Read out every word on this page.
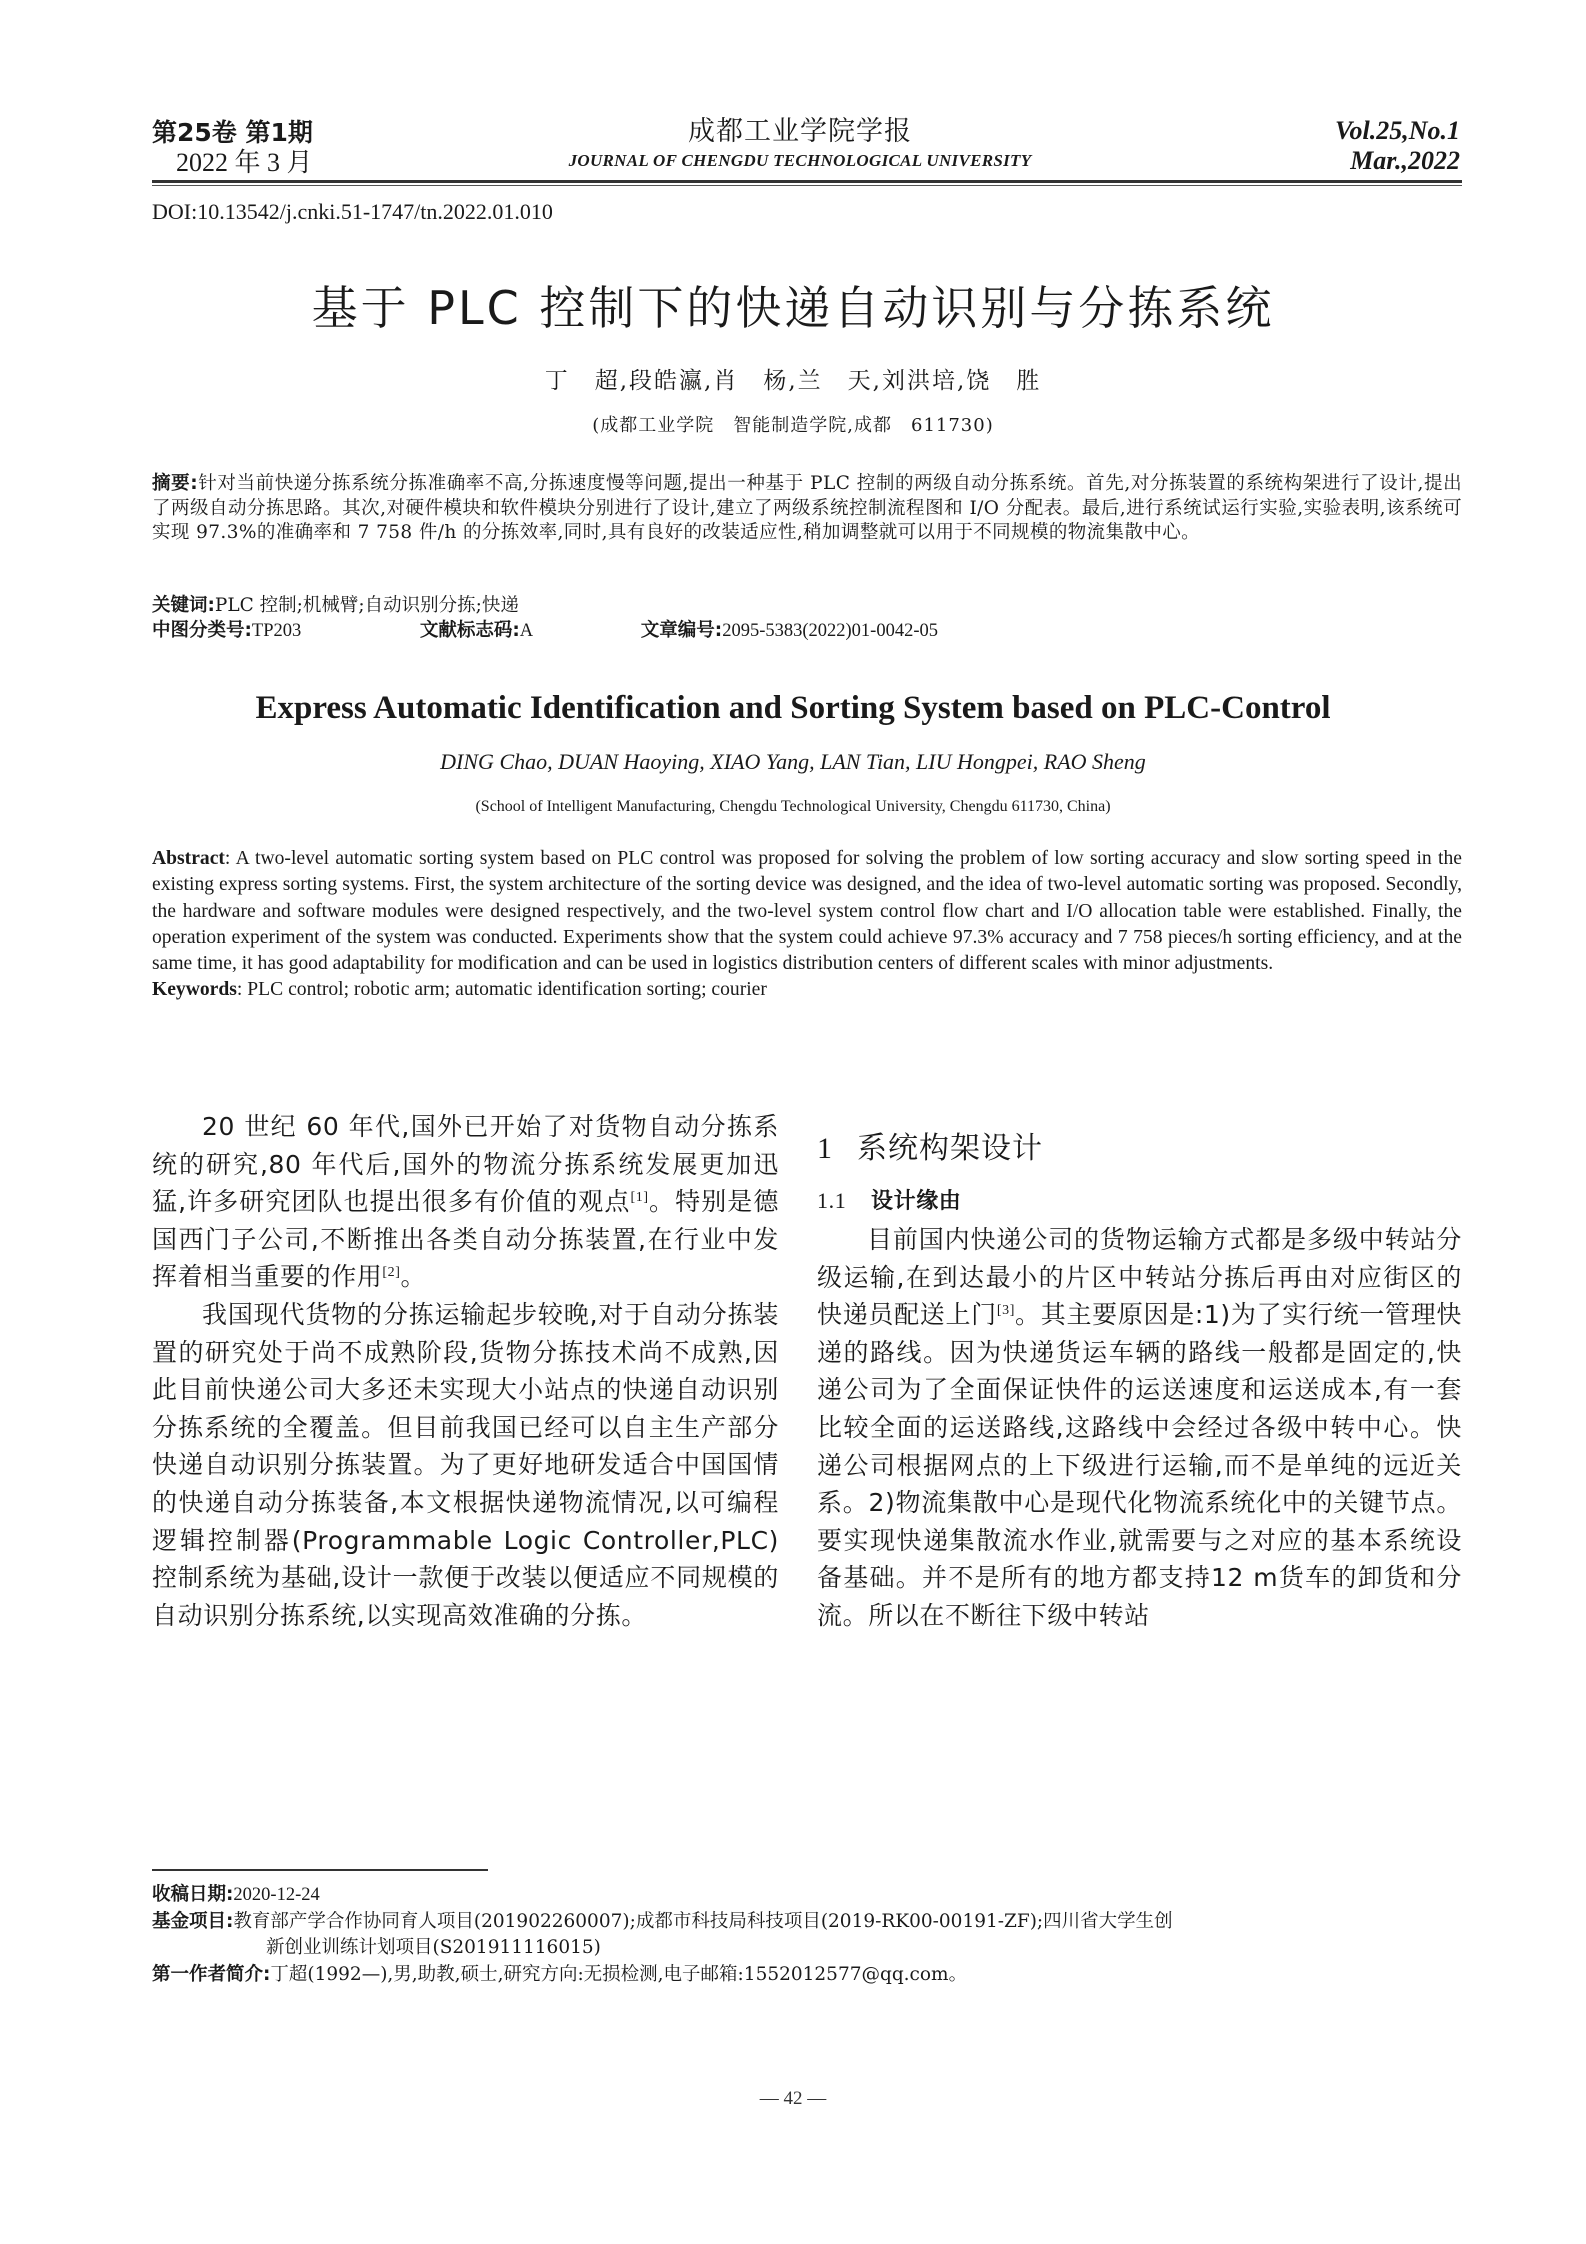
第25卷 第1期
2022 年 3 月
成都工业学院学报
JOURNAL OF CHENGDU TECHNOLOGICAL UNIVERSITY
Vol.25,No.1
Mar.,2022
DOI:10.13542/j.cnki.51-1747/tn.2022.01.010
基于 PLC 控制下的快递自动识别与分拣系统
丁　超,段皓瀛,肖　杨,兰　天,刘洪培,饶　胜
(成都工业学院　智能制造学院,成都　611730)
摘要:针对当前快递分拣系统分拣准确率不高,分拣速度慢等问题,提出一种基于 PLC 控制的两级自动分拣系统。首先,对分拣装置的系统构架进行了设计,提出了两级自动分拣思路。其次,对硬件模块和软件模块分别进行了设计,建立了两级系统控制流程图和 I/O 分配表。最后,进行系统试运行实验,实验表明,该系统可实现 97.3%的准确率和 7 758 件/h 的分拣效率,同时,具有良好的改装适应性,稍加调整就可以用于不同规模的物流集散中心。
关键词:PLC 控制;机械臂;自动识别分拣;快递
中图分类号:TP203	文献标志码:A	文章编号:2095-5383(2022)01-0042-05
Express Automatic Identification and Sorting System based on PLC-Control
DING Chao, DUAN Haoying, XIAO Yang, LAN Tian, LIU Hongpei, RAO Sheng
(School of Intelligent Manufacturing, Chengdu Technological University, Chengdu 611730, China)
Abstract: A two-level automatic sorting system based on PLC control was proposed for solving the problem of low sorting accuracy and slow sorting speed in the existing express sorting systems. First, the system architecture of the sorting device was designed, and the idea of two-level automatic sorting was proposed. Secondly, the hardware and software modules were designed respectively, and the two-level system control flow chart and I/O allocation table were established. Finally, the operation experiment of the system was conducted. Experiments show that the system could achieve 97.3% accuracy and 7 758 pieces/h sorting efficiency, and at the same time, it has good adaptability for modification and can be used in logistics distribution centers of different scales with minor adjustments.
Keywords: PLC control; robotic arm; automatic identification sorting; courier

20 世纪 60 年代,国外已开始了对货物自动分拣系统的研究,80 年代后,国外的物流分拣系统发展更加迅猛,许多研究团队也提出很多有价值的观点[1]。特别是德国西门子公司,不断推出各类自动分拣装置,在行业中发挥着相当重要的作用[2]。

我国现代货物的分拣运输起步较晚,对于自动分拣装置的研究处于尚不成熟阶段,货物分拣技术尚不成熟,因此目前快递公司大多还未实现大小站点的快递自动识别分拣系统的全覆盖。但目前我国已经可以自主生产部分快递自动识别分拣装置。为了更好地研发适合中国国情的快递自动分拣装备,本文根据快递物流情况,以可编程逻辑控制器(Programmable Logic Controller,PLC)控制系统为基础,设计一款便于改装以便适应不同规模的自动识别分拣系统,以实现高效准确的分拣。

1 系统构架设计
1.1 设计缘由

目前国内快递公司的货物运输方式都是多级中转站分级运输,在到达最小的片区中转站分拣后再由对应街区的快递员配送上门[3]。其主要原因是:1)为了实行统一管理快递的路线。因为快递货运车辆的路线一般都是固定的,快递公司为了全面保证快件的运送速度和运送成本,有一套比较全面的运送路线,这路线中会经过各级中转中心。快递公司根据网点的上下级进行运输,而不是单纯的远近关系。2)物流集散中心是现代化物流系统化中的关键节点。要实现快递集散流水作业,就需要与之对应的基本系统设备基础。并不是所有的地方都支持12 m货车的卸货和分流。所以在不断往下级中转站

收稿日期:2020-12-24
基金项目:教育部产学合作协同育人项目(201902260007);成都市科技局科技项目(2019-RK00-00191-ZF);四川省大学生创
新创业训练计划项目(S201911116015)
第一作者简介:丁超(1992—),男,助教,硕士,研究方向:无损检测,电子邮箱:1552012577@qq.com。
— 42 —
